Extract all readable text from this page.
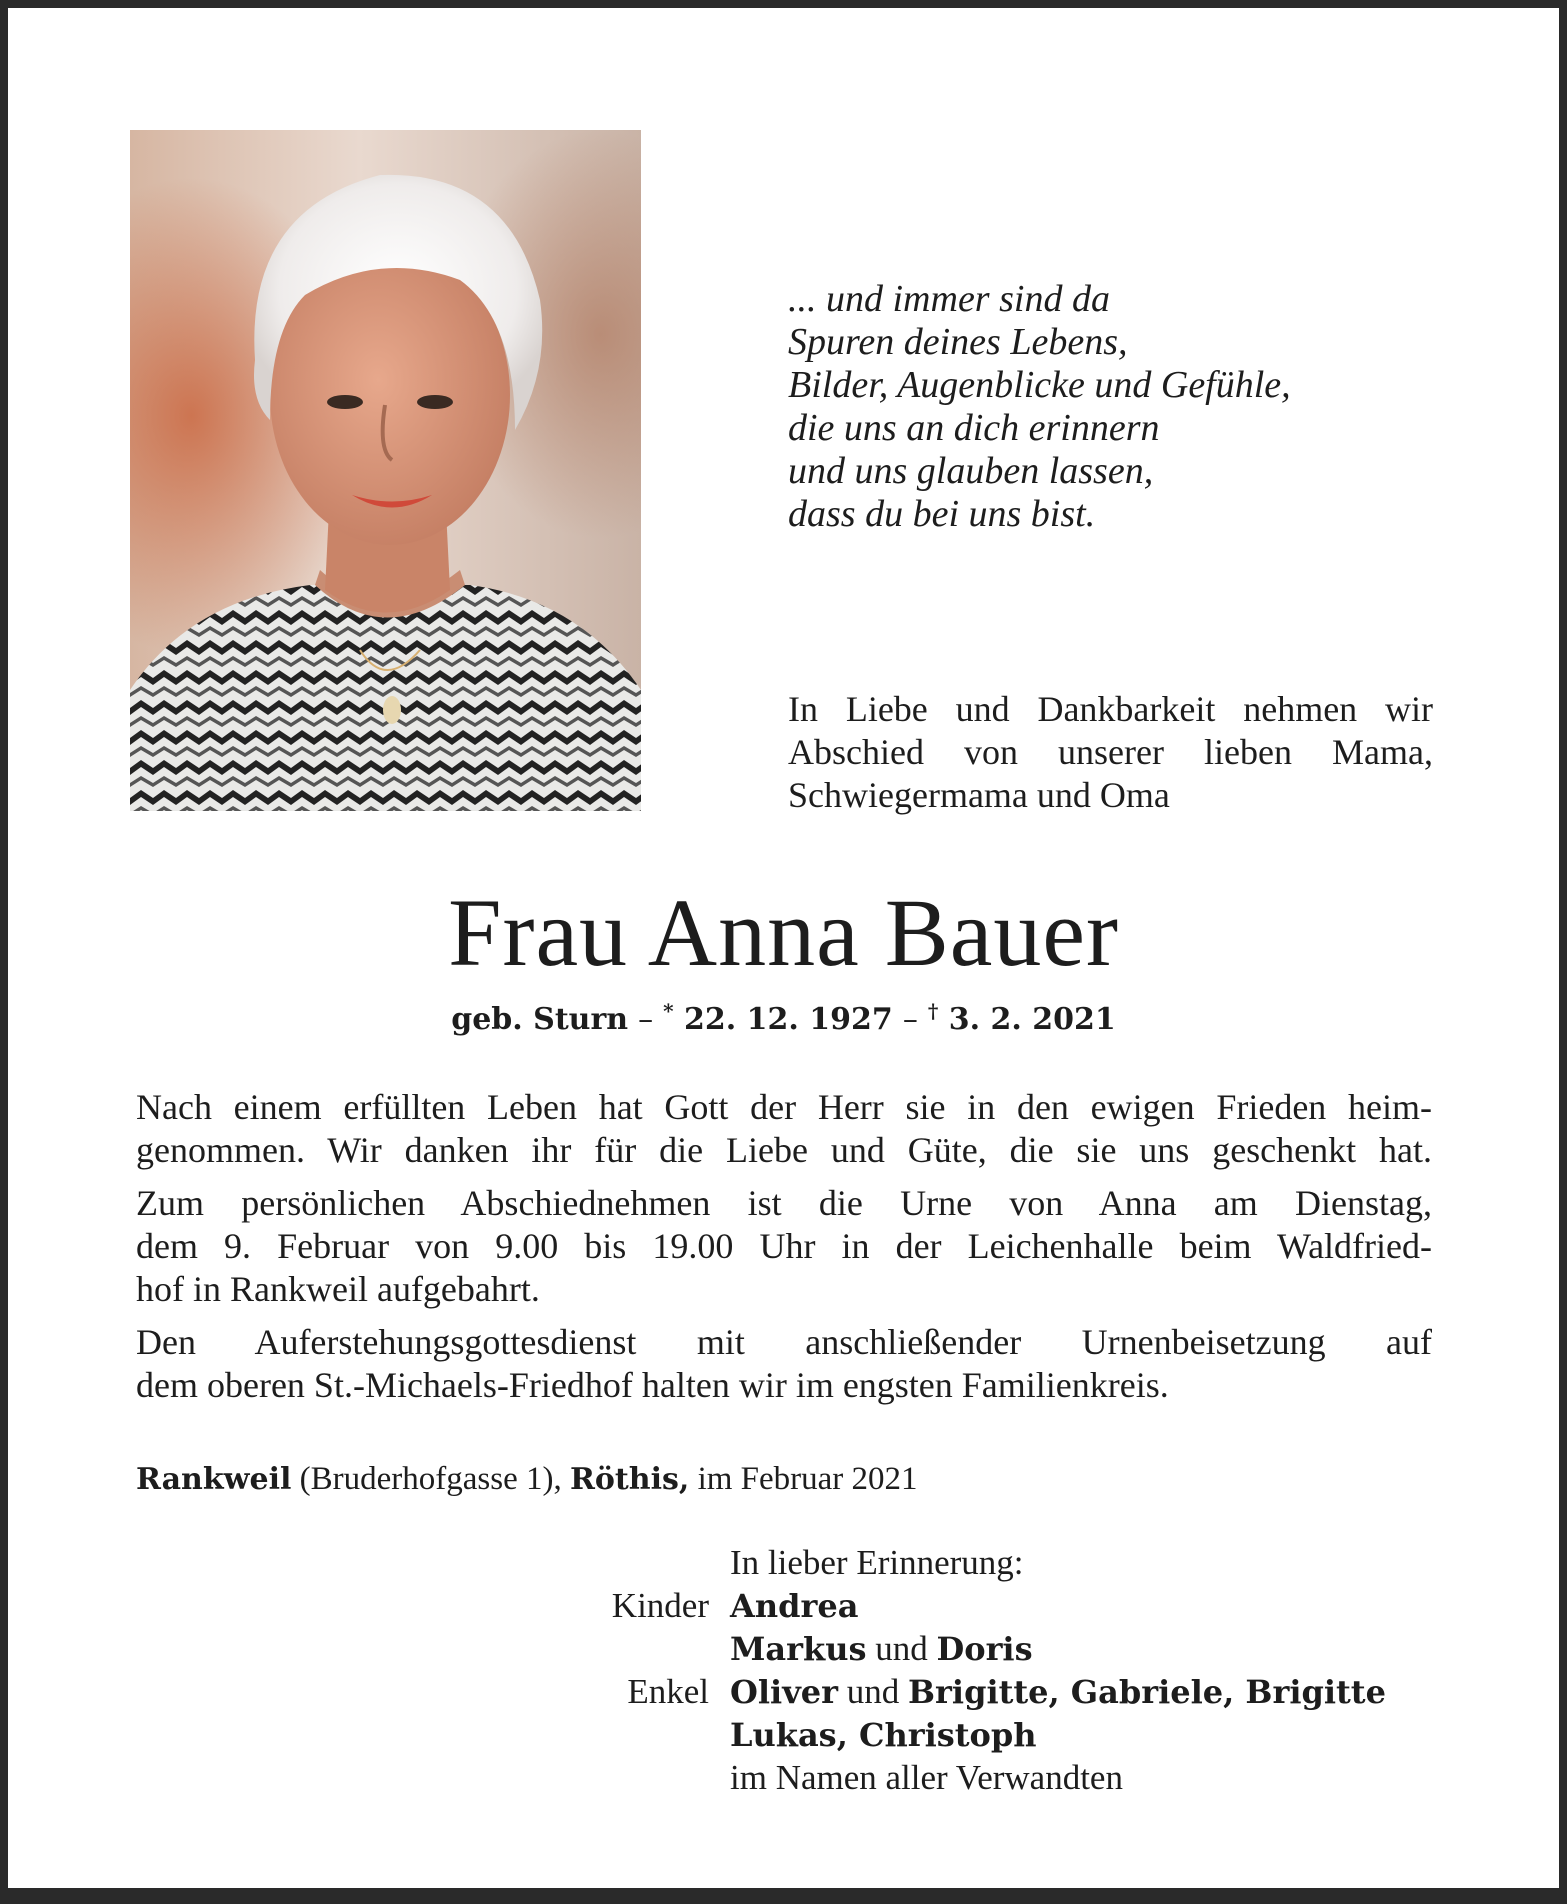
... und immer sind da
Spuren deines Lebens,
Bilder, Augenblicke und Gefühle,
die uns an dich erinnern
und uns glauben lassen,
dass du bei uns bist.
In Liebe und Dankbarkeit nehmen wir
Abschied von unserer lieben Mama,
Schwiegermama und Oma
Frau Anna Bauer
geb. Sturn – * 22. 12. 1927 – † 3. 2. 2021
Nach einem erfüllten Leben hat Gott der Herr sie in den ewigen Frieden heim-
genommen. Wir danken ihr für die Liebe und Güte, die sie uns geschenkt hat.
Zum persönlichen Abschiednehmen ist die Urne von Anna am Dienstag,
dem 9. Februar von 9.00 bis 19.00 Uhr in der Leichenhalle beim Waldfried-
hof in Rankweil aufgebahrt.
Den Auferstehungsgottesdienst mit anschließender Urnenbeisetzung auf
dem oberen St.-Michaels-Friedhof halten wir im engsten Familienkreis.
Rankweil (Bruderhofgasse 1), Röthis, im Februar 2021
In lieber Erinnerung:
Kinder Andrea
Markus und Doris
Enkel Oliver und Brigitte, Gabriele, Brigitte
Lukas, Christoph
im Namen aller Verwandten
